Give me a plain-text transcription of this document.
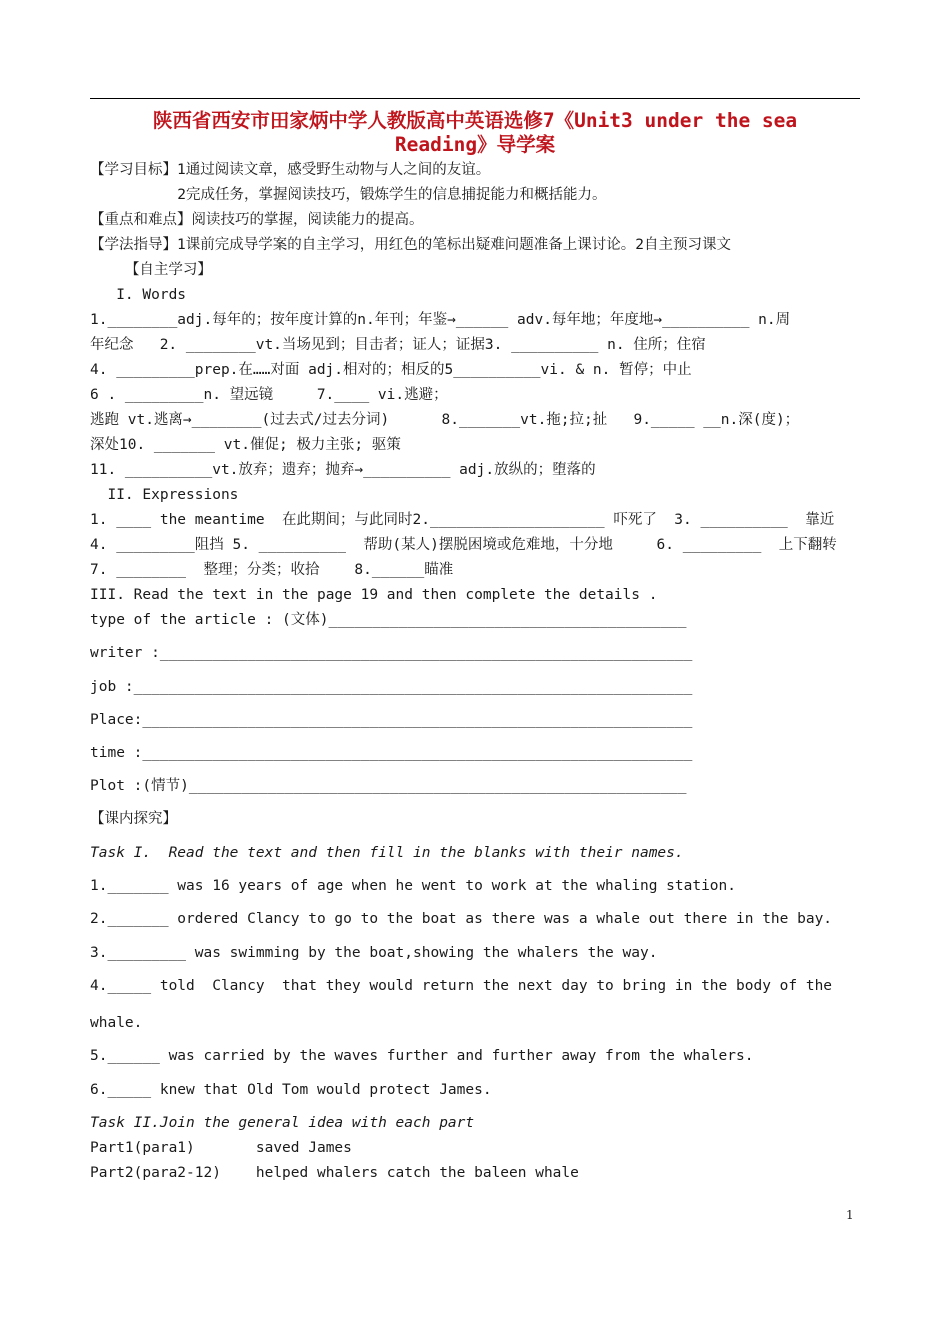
陕西省西安市田家炳中学人教版高中英语选修7《Unit3 under the sea
Reading》导学案
【学习目标】1通过阅读文章，感受野生动物与人之间的友谊。
2完成任务，掌握阅读技巧，锻炼学生的信息捕捉能力和概括能力。
【重点和难点】阅读技巧的掌握，阅读能力的提高。
【学法指导】1课前完成导学案的自主学习，用红色的笔标出疑难问题准备上课讨论。2自主预习课文
【自主学习】
I. Words
1.________adj.每年的；按年度计算的n.年刊；年鉴→______ adv.每年地；年度地→__________ n.周
年纪念   2. ________vt.当场见到；目击者；证人；证据3. __________ n. 住所；住宿
4. _________prep.在……对面 adj.相对的；相反的5__________vi. & n. 暂停；中止
6 . _________n. 望远镜     7.____ vi.逃避；
逃跑 vt.逃离→________(过去式/过去分词)      8._______vt.拖;拉;扯   9._____ __n.深(度)；
深处10. _______ vt.催促; 极力主张; 驱策
11. __________vt.放弃；遗弃；抛弃→__________ adj.放纵的；堕落的
II. Expressions
1. ____ the meantime  在此期间；与此同时2.____________________ 吓死了  3. __________  靠近
4. _________阻挡 5. __________  帮助(某人)摆脱困境或危难地，十分地     6. _________  上下翻转
7. ________  整理；分类；收拾    8.______瞄准
III. Read the text in the page 19 and then complete the details .
type of the article : (文体)_________________________________________
writer :_____________________________________________________________
job :________________________________________________________________
Place:_______________________________________________________________
time :_______________________________________________________________
Plot :(情节)_________________________________________________________
【课内探究】
Task I.  Read the text and then fill in the blanks with their names.
1._______ was 16 years of age when he went to work at the whaling station.
2._______ ordered Clancy to go to the boat as there was a whale out there in the bay.
3._________ was swimming by the boat,showing the whalers the way.
4._____ told  Clancy  that they would return the next day to bring in the body of the
whale.
5.______ was carried by the waves further and further away from the whalers.
6._____ knew that Old Tom would protect James.
Task II.Join the general idea with each part
Part1(para1)       saved James
Part2(para2-12)    helped whalers catch the baleen whale
1
